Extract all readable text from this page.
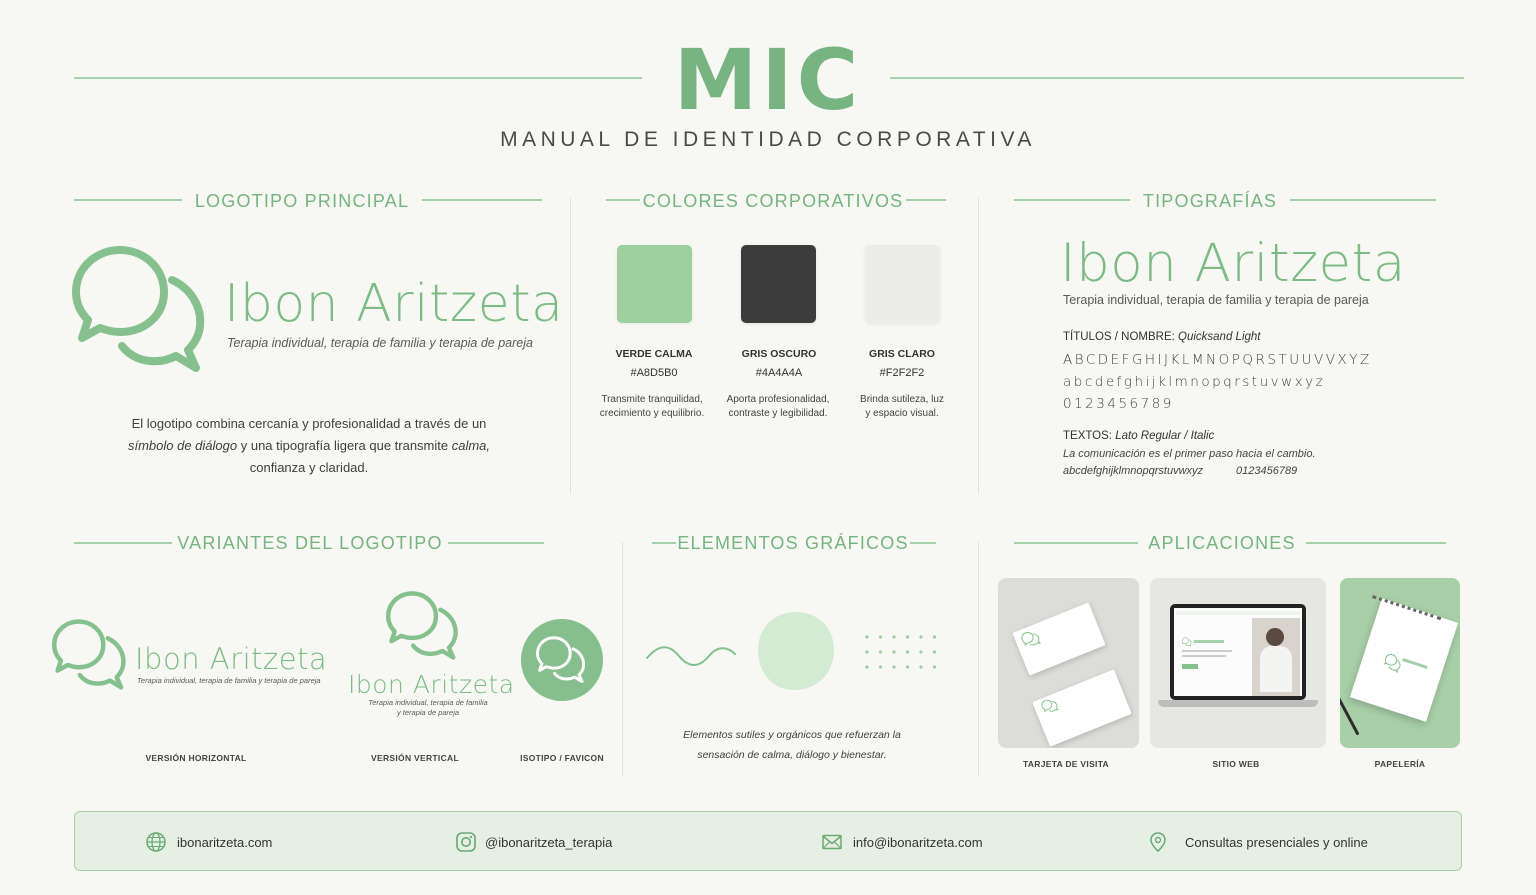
MIC
MANUAL DE IDENTIDAD CORPORATIVA
LOGOTIPO PRINCIPAL
Ibon Aritzeta
Terapia individual, terapia de familia y terapia de pareja
El logotipo combina cercanía y profesionalidad a través de un
símbolo de diálogo y una tipografía ligera que transmite calma,
confianza y claridad.
COLORES CORPORATIVOS
VERDE CALMA	GRIS OSCURO	GRIS CLARO
#A8D5B0	#4A4A4A	#F2F2F2
Transmite tranquilidad,
crecimiento y equilibrio.
Aporta profesionalidad,
contraste y legibilidad.
Brinda sutileza, luz
y espacio visual.
TIPOGRAFÍAS
Ibon Aritzeta
Terapia individual, terapia de familia y terapia de pareja
TÍTULOS / NOMBRE: Quicksand Light
ABCDEFGHIJKLMNOPQRSTUUVVXYZ
abcdefghijklmnopqrstuvwxyz
0123456789
TEXTOS: Lato Regular / Italic
La comunicación es el primer paso hacia el cambio.
abcdefghijklmnopqrstuvwxyz	0123456789
VARIANTES DEL LOGOTIPO
Ibon Aritzeta
Terapia individual, terapia de familia y terapia de pareja
VERSIÓN HORIZONTAL
Ibon Aritzeta
Terapia individual, terapia de familia
y terapia de pareja
VERSIÓN VERTICAL	ISOTIPO / FAVICON
ELEMENTOS GRÁFICOS
Elementos sutiles y orgánicos que refuerzan la
sensación de calma, diálogo y bienestar.
APLICACIONES
TARJETA DE VISITA	SITIO WEB	PAPELERÍA
ibonaritzeta.com	@ibonaritzeta_terapia	info@ibonaritzeta.com	Consultas presenciales y online
